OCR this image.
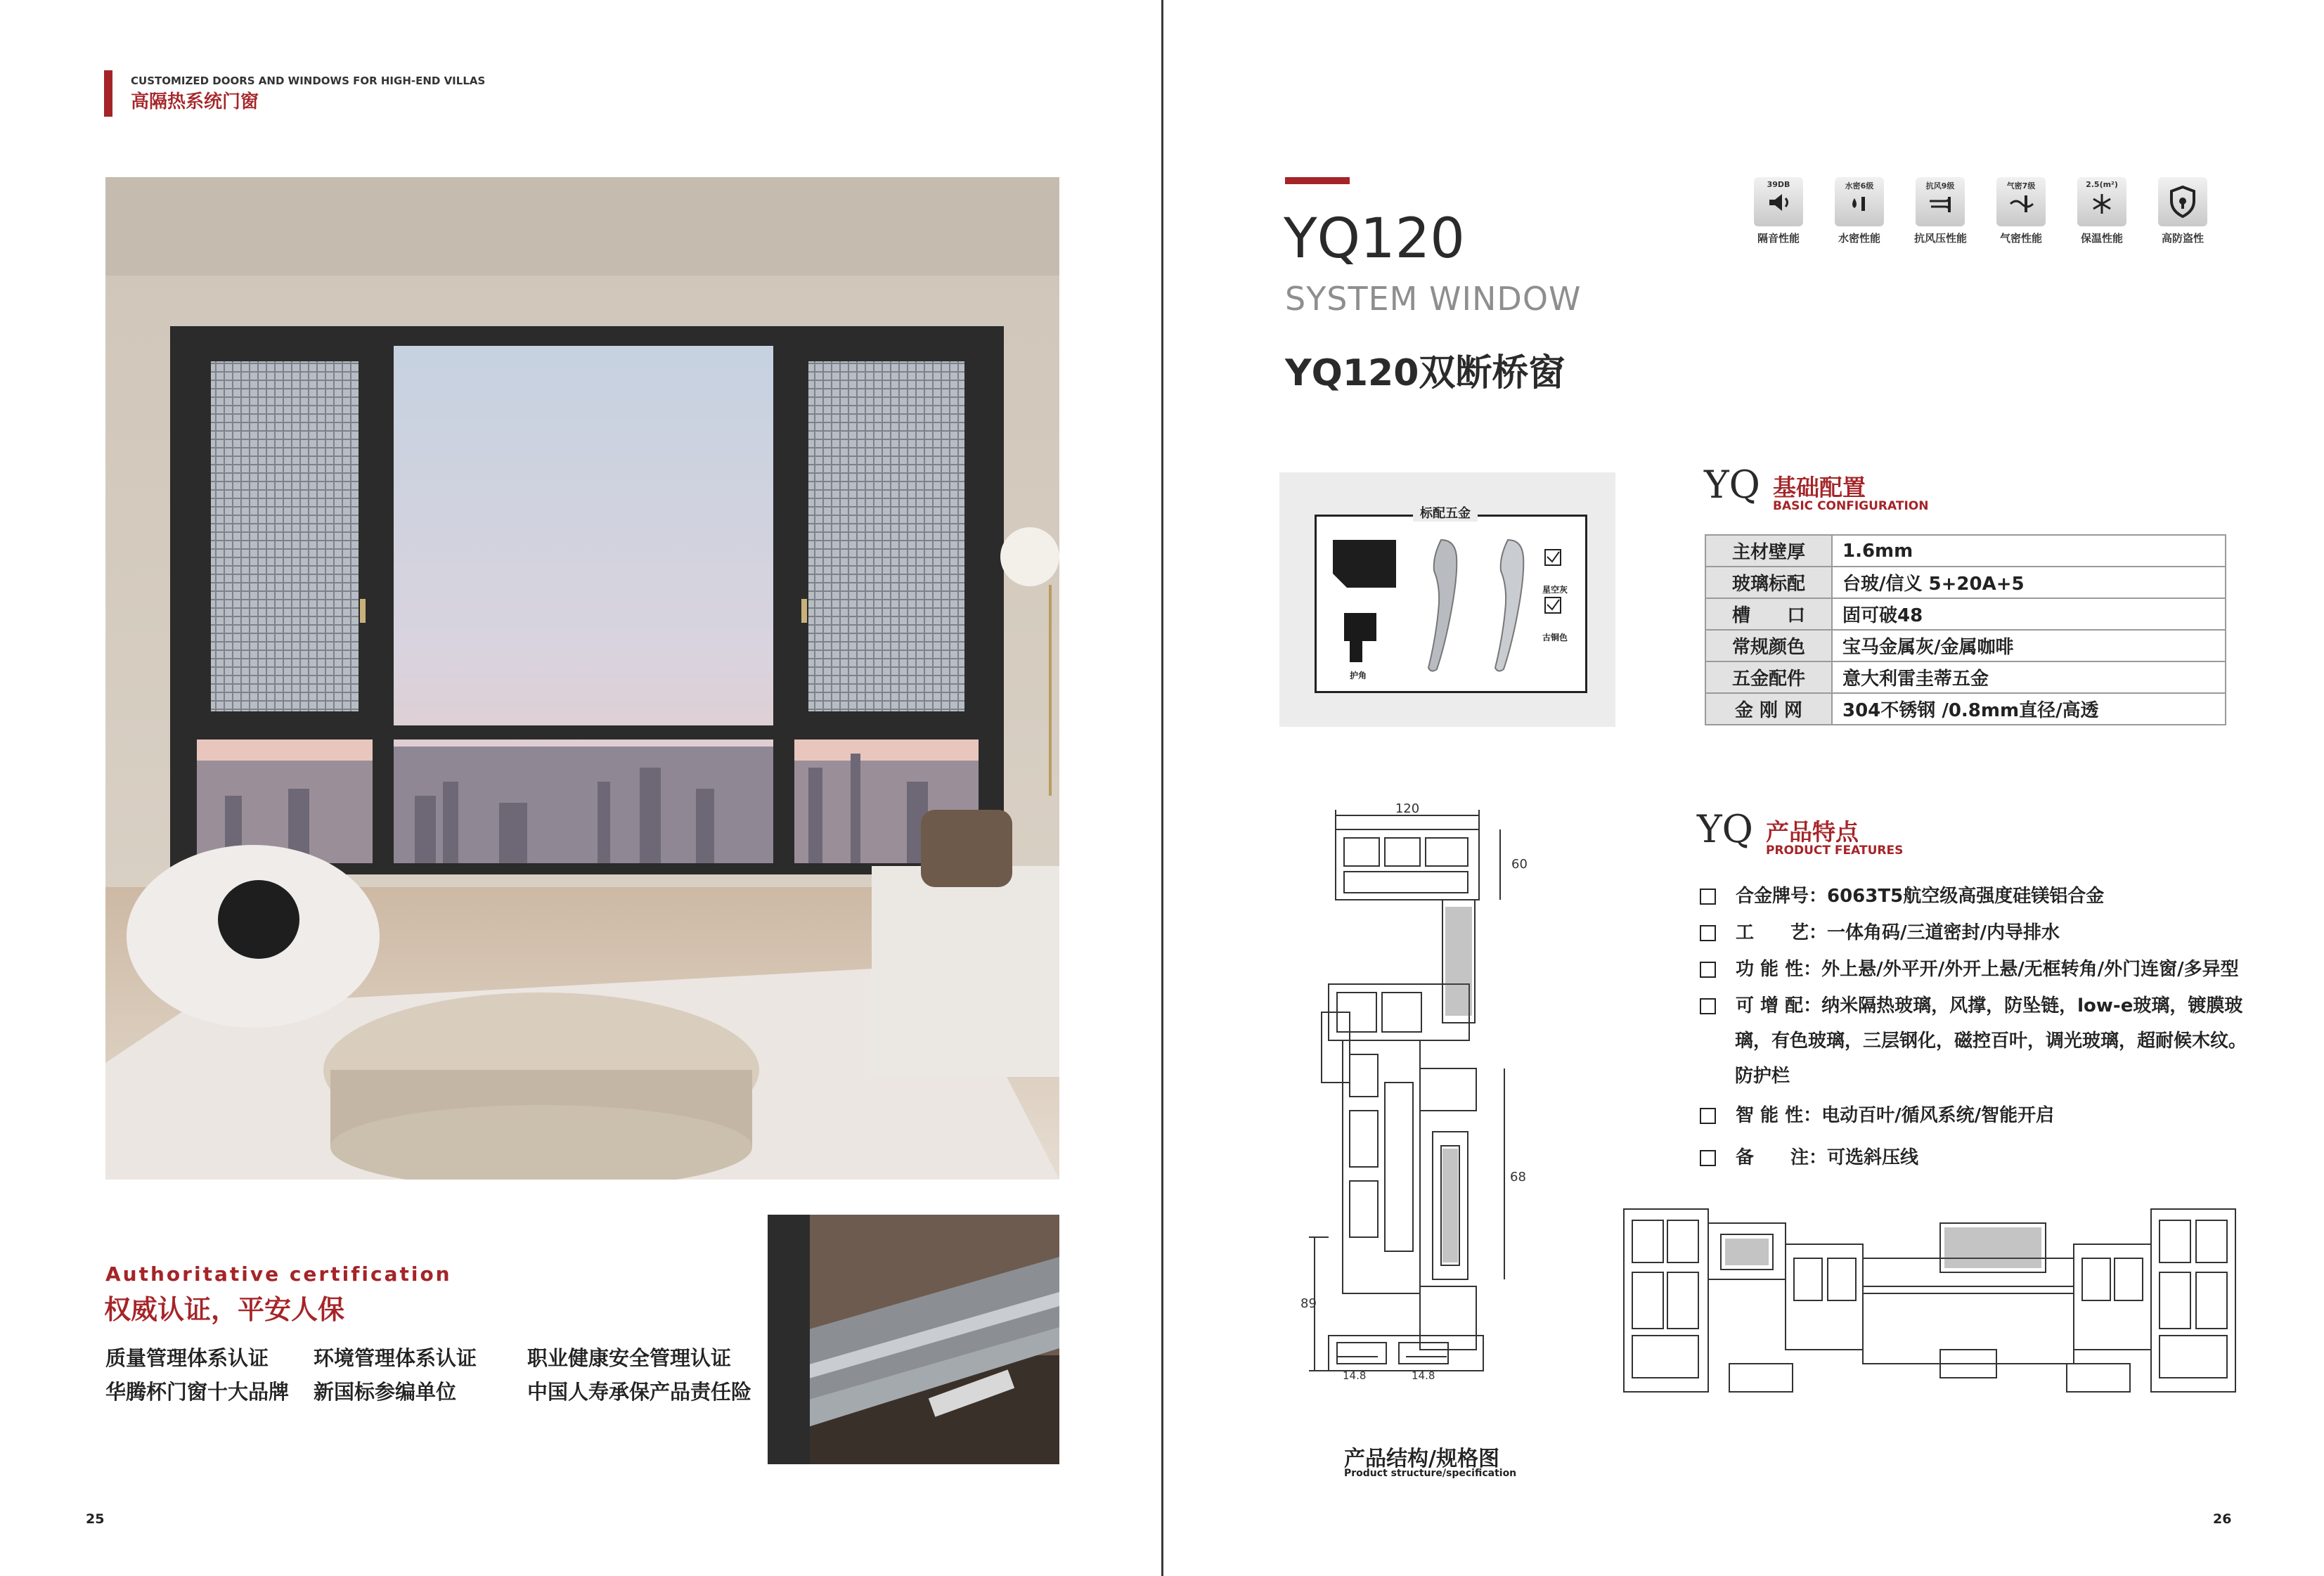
CUSTOMIZED DOORS AND WINDOWS FOR HIGH-END VILLAS
高隔热系统门窗
Authoritative certification
权威认证，平安人保
质量管理体系认证 环境管理体系认证 职业健康安全管理认证
华腾杯门窗十大品牌 新国标参编单位	中国人寿承保产品责任险
25
YQ120
SYSTEM WINDOW
YQ120双断桥窗
39DB
隔音性能
水密6级
水密性能
抗风9级
抗风压性能
气密7级
气密性能
2.5(m²)
保温性能	高防盗性
标配五金
星空灰
古铜色
护角
YQ 基础配置
BASIC CONFIGURATION
主材壁厚	1.6mm
玻璃标配	台玻/信义 5+20A+5
槽　　口	固可破48
常规颜色	宝马金属灰/金属咖啡
五金配件	意大利雷圭蒂五金
金 刚 网	304不锈钢 /0.8mm直径/高透
YQ 产品特点
PRODUCT FEATURES
合金牌号：6063T5航空级高强度硅镁铝合金
工　　艺：一体角码/三道密封/内导排水
功 能 性：外上悬/外平开/外开上悬/无框转角/外门连窗/多异型
可 增 配：纳米隔热玻璃，风撑，防坠链，low-e玻璃，镀膜玻
璃，有色玻璃，三层钢化，磁控百叶，调光玻璃，超耐候木纹。
防护栏
智 能 性：电动百叶/循风系统/智能开启
备　　注：可选斜压线
120
60
68
89
14.8	14.8
产品结构/规格图
Product structure/specification
26
